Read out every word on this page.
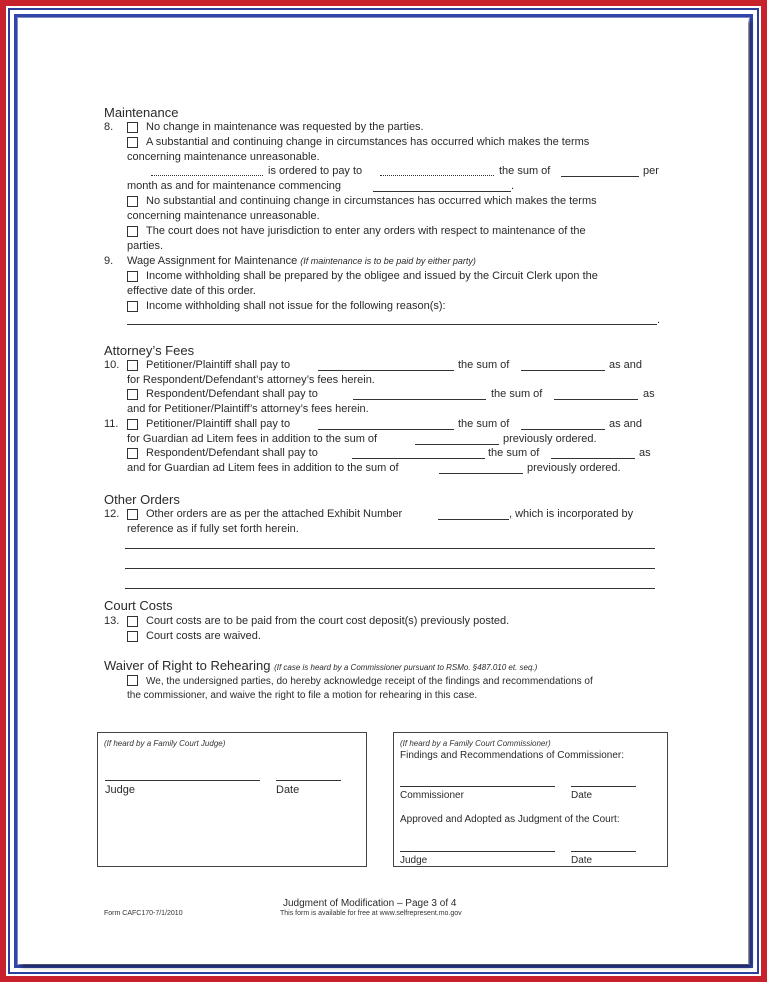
Maintenance
8.	No change in maintenance was requested by the parties.
A substantial and continuing change in circumstances has occurred which makes the terms
concerning maintenance unreasonable.
is ordered to pay to	the sum of	per
month as and for maintenance commencing	.
No substantial and continuing change in circumstances has occurred which makes the terms
concerning maintenance unreasonable.
The court does not have jurisdiction to enter any orders with respect to maintenance of the
parties.
9. Wage Assignment for Maintenance (If maintenance is to be paid by either party)
Income withholding shall be prepared by the obligee and issued by the Circuit Clerk upon the
effective date of this order.
Income withholding shall not issue for the following reason(s):
.
Attorney’s Fees
10. Petitioner/Plaintiff shall pay to	the sum of	as and
for Respondent/Defendant’s attorney’s fees herein.
Respondent/Defendant shall pay to	the sum of	as
and for Petitioner/Plaintiff’s attorney’s fees herein.
11.	Petitioner/Plaintiff shall pay to	the sum of	as and
for Guardian ad Litem fees in addition to the sum of	previously ordered.
Respondent/Defendant shall pay to	the sum of	as
and for Guardian ad Litem fees in addition to the sum of	previously ordered.
Other Orders
12. Other orders are as per the attached Exhibit Number	, which is incorporated by
reference as if fully set forth herein.
Court Costs
13. Court costs are to be paid from the court cost deposit(s) previously posted.
Court costs are waived.
Waiver of Right to Rehearing (If case is heard by a Commissioner pursuant to RSMo. §487.010 et. seq.)
We, the undersigned parties, do hereby acknowledge receipt of the findings and recommendations of
the commissioner, and waive the right to file a motion for rehearing in this case.
(If heard by a Family Court Judge)
Judge	Date
(If heard by a Family Court Commissioner)
Findings and Recommendations of Commissioner:
Commissioner	Date
Approved and Adopted as Judgment of the Court:
Judge	Date
Judgment of Modification – Page 3 of 4
Form CAFC170-7/1/2010	This form is available for free at www.selfrepresent.mo.gov
